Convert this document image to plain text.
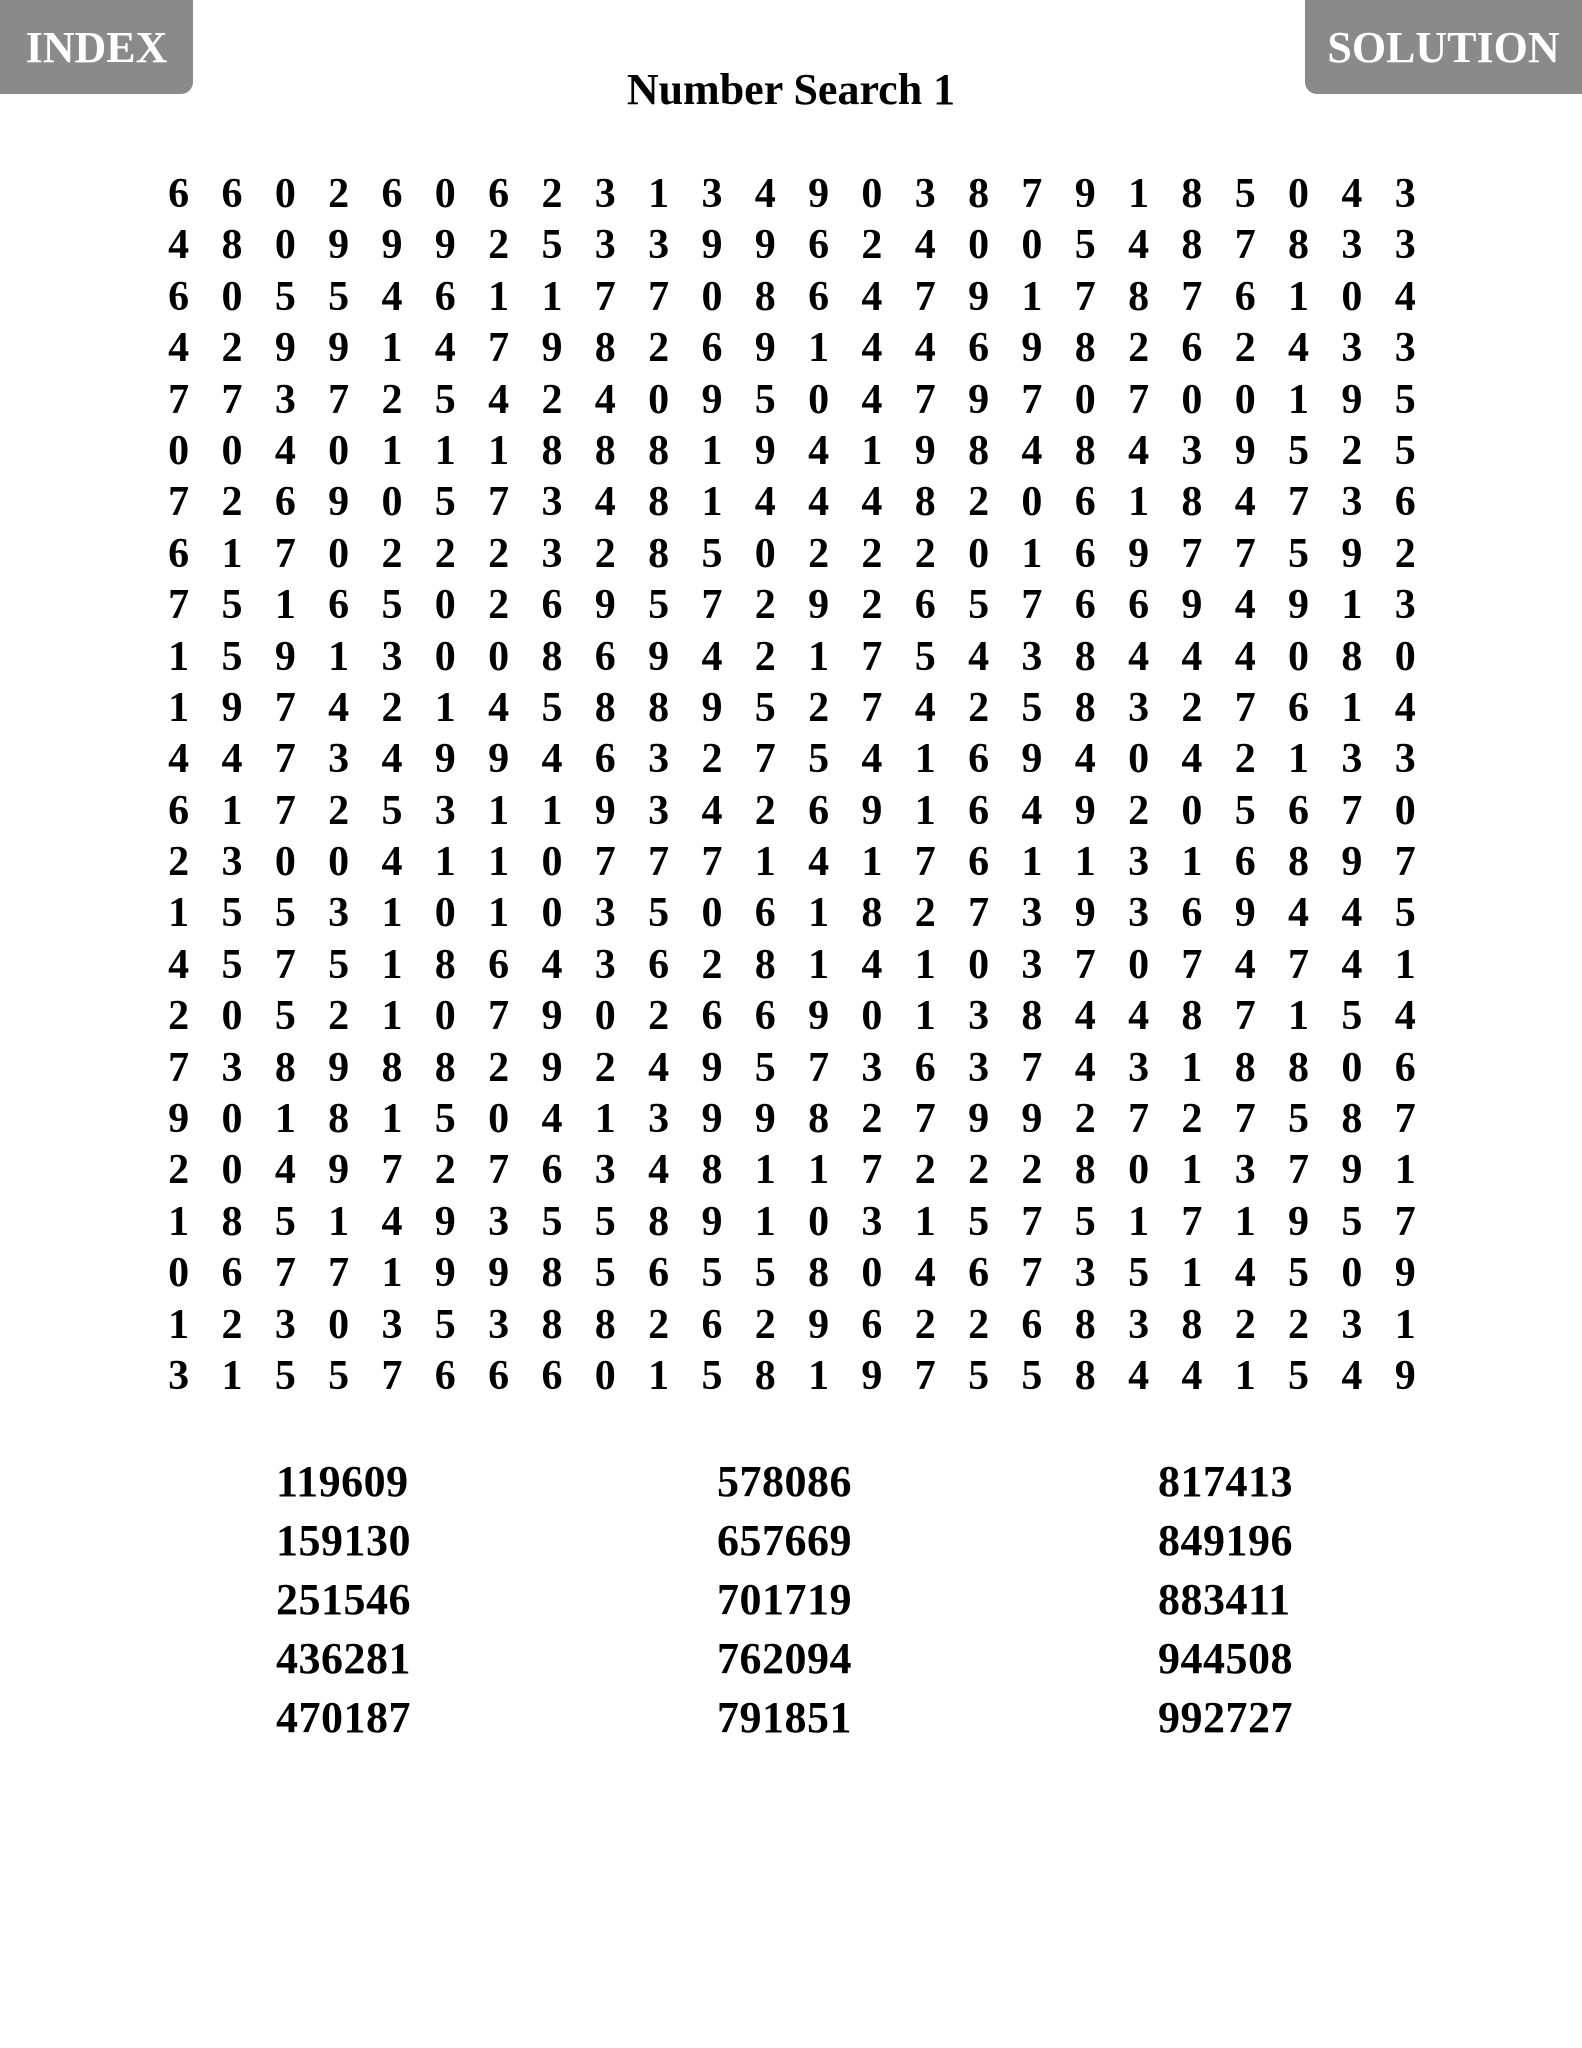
INDEX	SOLUTION
Number Search 1
6 6 0 2 6 0 6 2 3 1 3 4 9 0 3 8 7 9 1 8 5 0 4 3
4 8 0 9 9 9 2 5 3 3 9 9 6 2 4 0 0 5 4 8 7 8 3 3
6 0 5 5 4 6 1 1 7 7 0 8 6 4 7 9 1 7 8 7 6 1 0 4
4 2 9 9 1 4 7 9 8 2 6 9 1 4 4 6 9 8 2 6 2 4 3 3
7 7 3 7 2 5 4 2 4 0 9 5 0 4 7 9 7 0 7 0 0 1 9 5
0 0 4 0 1 1 1 8 8 8 1 9 4 1 9 8 4 8 4 3 9 5 2 5
7 2 6 9 0 5 7 3 4 8 1 4 4 4 8 2 0 6 1 8 4 7 3 6
6 1 7 0 2 2 2 3 2 8 5 0 2 2 2 0 1 6 9 7 7 5 9 2
7 5 1 6 5 0 2 6 9 5 7 2 9 2 6 5 7 6 6 9 4 9 1 3
1 5 9 1 3 0 0 8 6 9 4 2 1 7 5 4 3 8 4 4 4 0 8 0
1 9 7 4 2 1 4 5 8 8 9 5 2 7 4 2 5 8 3 2 7 6 1 4
4 4 7 3 4 9 9 4 6 3 2 7 5 4 1 6 9 4 0 4 2 1 3 3
6 1 7 2 5 3 1 1 9 3 4 2 6 9 1 6 4 9 2 0 5 6 7 0
2 3 0 0 4 1 1 0 7 7 7 1 4 1 7 6 1 1 3 1 6 8 9 7
1 5 5 3 1 0 1 0 3 5 0 6 1 8 2 7 3 9 3 6 9 4 4 5
4 5 7 5 1 8 6 4 3 6 2 8 1 4 1 0 3 7 0 7 4 7 4 1
2 0 5 2 1 0 7 9 0 2 6 6 9 0 1 3 8 4 4 8 7 1 5 4
7 3 8 9 8 8 2 9 2 4 9 5 7 3 6 3 7 4 3 1 8 8 0 6
9 0 1 8 1 5 0 4 1 3 9 9 8 2 7 9 9 2 7 2 7 5 8 7
2 0 4 9 7 2 7 6 3 4 8 1 1 7 2 2 2 8 0 1 3 7 9 1
1 8 5 1 4 9 3 5 5 8 9 1 0 3 1 5 7 5 1 7 1 9 5 7
0 6 7 7 1 9 9 8 5 6 5 5 8 0 4 6 7 3 5 1 4 5 0 9
1 2 3 0 3 5 3 8 8 2 6 2 9 6 2 2 6 8 3 8 2 2 3 1
3 1 5 5 7 6 6 6 0 1 5 8 1 9 7 5 5 8 4 4 1 5 4 9
119609
159130
251546
436281
470187
578086
657669
701719
762094
791851
817413
849196
883411
944508
992727
